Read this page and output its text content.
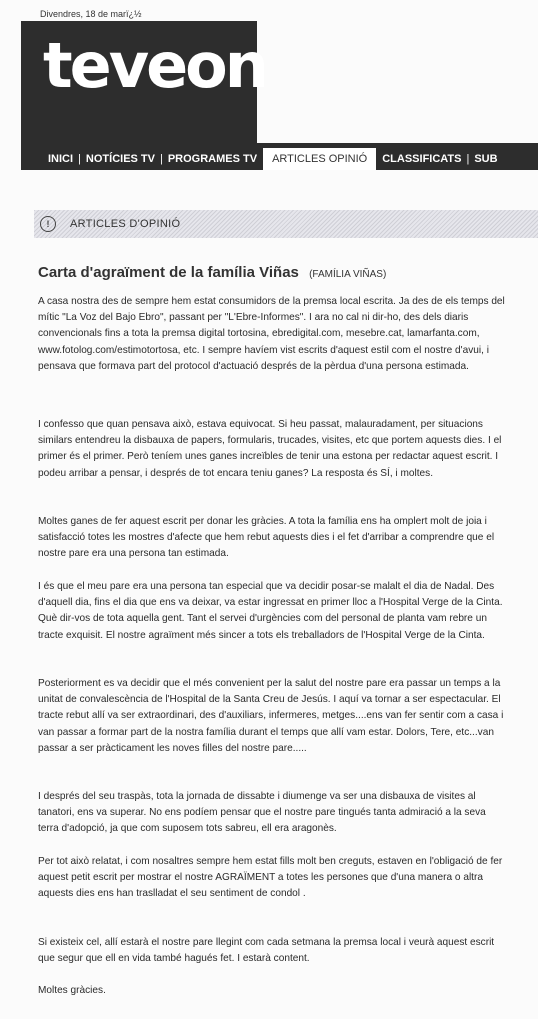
Divendres, 18 de marï¿½
teveon
INICI | NOTÍCIES TV | PROGRAMES TV	ARTICLES OPINIÓ	CLASSIFICATS | SUB
!	ARTICLES D'OPINIÓ
Carta d'agraïment de la família Viñas (FAMÍLIA VIÑAS)
A casa nostra des de sempre hem estat consumidors de la premsa local escrita. Ja des de els temps del mític "La Voz del Bajo Ebro", passant per "L'Ebre-Informes". I ara no cal ni dir-ho, des dels diaris convencionals fins a tota la premsa digital tortosina, ebredigital.com, mesebre.cat, lamarfanta.com, www.fotolog.com/estimotortosa, etc. I sempre havíem vist escrits d'aquest estil com el nostre d'avui, i pensava que formava part del protocol d'actuació després de la pèrdua d'una persona estimada.
I confesso que quan pensava això, estava equivocat. Si heu passat, malauradament, per situacions similars entendreu la disbauxa de papers, formularis, trucades, visites, etc que portem aquests dies. I el primer és el primer. Però teníem unes ganes increïbles de tenir una estona per redactar aquest escrit. I podeu arribar a pensar, i després de tot encara teniu ganes? La resposta és SÍ, i moltes.
Moltes ganes de fer aquest escrit per donar les gràcies. A tota la família ens ha omplert molt de joia i satisfacció totes les mostres d'afecte que hem rebut aquests dies i el fet d'arribar a comprendre que el nostre pare era una persona tan estimada.
I és que el meu pare era una persona tan especial que va decidir posar-se malalt el dia de Nadal. Des d'aquell dia, fins el dia que ens va deixar, va estar ingressat en primer lloc a l'Hospital Verge de la Cinta. Què dir-vos de tota aquella gent. Tant el servei d'urgències com del personal de planta vam rebre un tracte exquisit. El nostre agraïment més sincer a tots els treballadors de l'Hospital Verge de la Cinta.
Posteriorment es va decidir que el més convenient per la salut del nostre pare era passar un temps a la unitat de convalescència de l'Hospital de la Santa Creu de Jesús. I aquí va tornar a ser espectacular. El tracte rebut allí va ser extraordinari, des d'auxiliars, infermeres, metges....ens van fer sentir com a casa i van passar a formar part de la nostra família durant el temps que allí vam estar. Dolors, Tere, etc...van passar a ser pràcticament les noves filles del nostre pare.....
I després del seu traspàs, tota la jornada de dissabte i diumenge va ser una disbauxa de visites al tanatori, ens va superar. No ens podíem pensar que el nostre pare tingués tanta admiració a la seva terra d'adopció, ja que com suposem tots sabreu, ell era aragonès.
Per tot això relatat, i com nosaltres sempre hem estat fills molt ben creguts, estaven en l'obligació de fer aquest petit escrit per mostrar el nostre AGRAÏMENT a totes les persones que d'una manera o altra aquests dies ens han traslladat el seu sentiment de condol .
Si existeix cel, allí estarà el nostre pare llegint com cada setmana la premsa local i veurà aquest escrit que segur que ell en vida també hagués fet. I estarà content.
Moltes gràcies.
